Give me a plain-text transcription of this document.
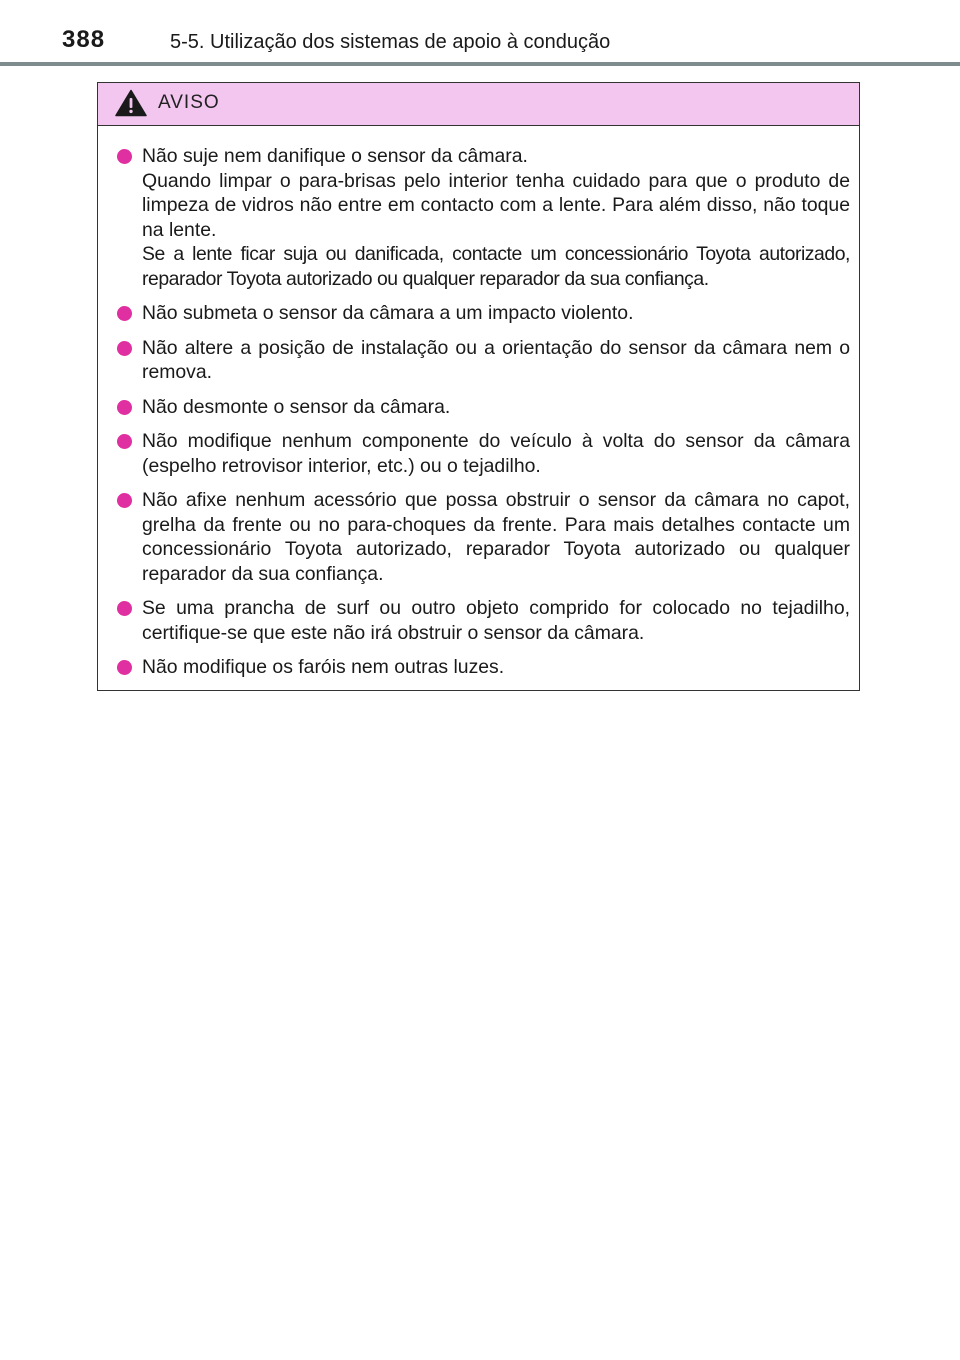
388	5-5. Utilização dos sistemas de apoio à condução
AVISO

Não suje nem danifique o sensor da câmara.

Quando limpar o para-brisas pelo interior tenha cuidado para que o produto de limpeza de vidros não entre em contacto com a lente. Para além disso, não toque na lente.

Se a lente ficar suja ou danificada, contacte um concessionário Toyota autorizado, reparador Toyota autorizado ou qualquer reparador da sua confiança.

Não submeta o sensor da câmara a um impacto violento.

Não altere a posição de instalação ou a orientação do sensor da câmara nem o remova.

Não desmonte o sensor da câmara.

Não modifique nenhum componente do veículo à volta do sensor da câmara (espelho retrovisor interior, etc.) ou o tejadilho.

Não afixe nenhum acessório que possa obstruir o sensor da câmara no capot, grelha da frente ou no para-choques da frente. Para mais detalhes contacte um concessionário Toyota autorizado, reparador Toyota autorizado ou qualquer reparador da sua confiança.

Se uma prancha de surf ou outro objeto comprido for colocado no tejadilho, certifique-se que este não irá obstruir o sensor da câmara.

Não modifique os faróis nem outras luzes.
